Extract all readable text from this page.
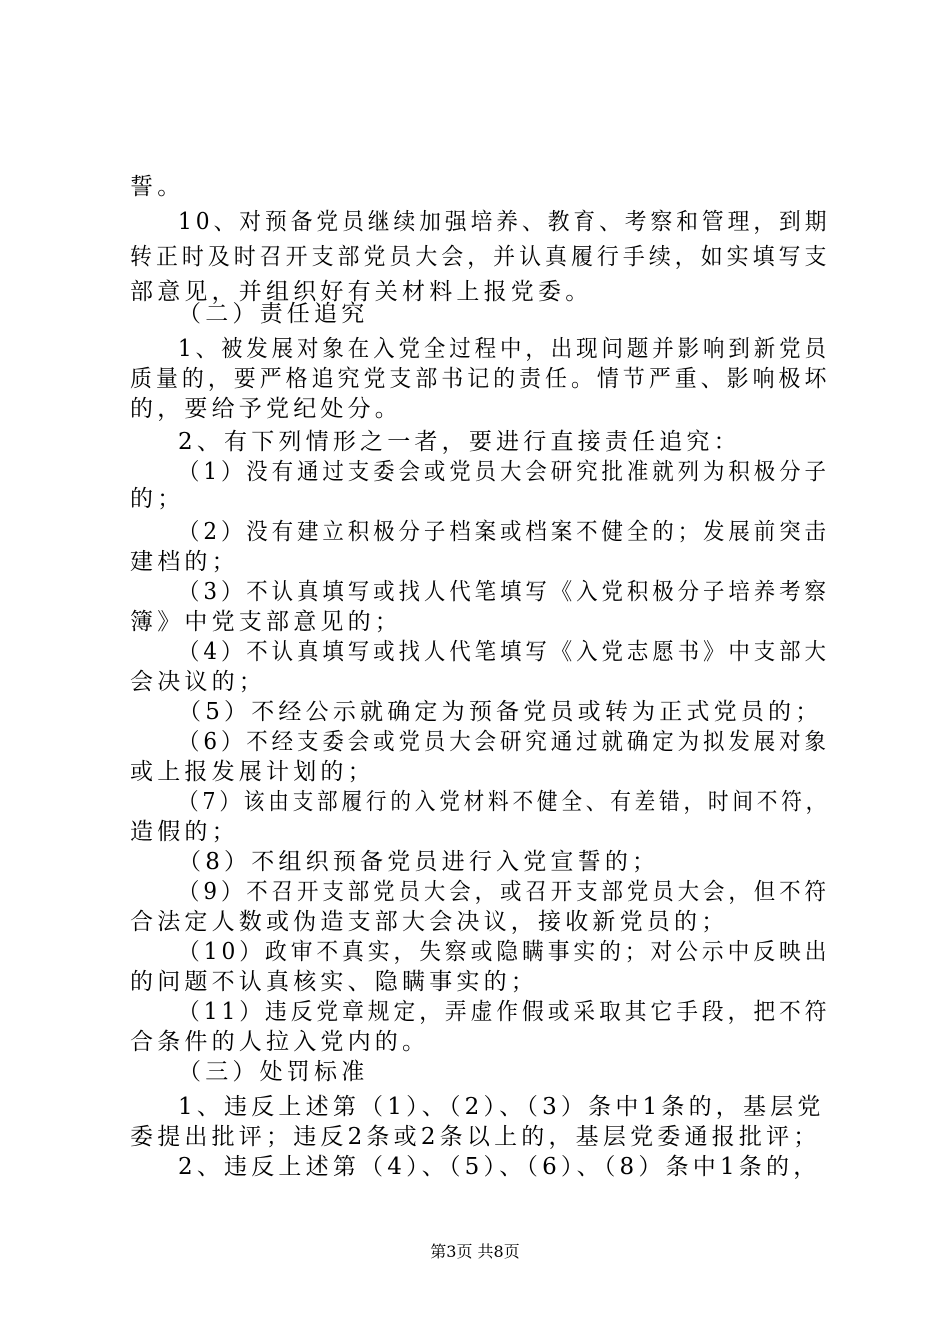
誓。
10、对预备党员继续加强培养、教育、考察和管理，到期
转正时及时召开支部党员大会，并认真履行手续，如实填写支
部意见，并组织好有关材料上报党委。
（二）责任追究
1、被发展对象在入党全过程中，出现问题并影响到新党员
质量的，要严格追究党支部书记的责任。情节严重、影响极坏
的，要给予党纪处分。
2、有下列情形之一者，要进行直接责任追究：
（1）没有通过支委会或党员大会研究批准就列为积极分子
的；
（2）没有建立积极分子档案或档案不健全的；发展前突击
建档的；
（3）不认真填写或找人代笔填写《入党积极分子培养考察
簿》中党支部意见的；
（4）不认真填写或找人代笔填写《入党志愿书》中支部大
会决议的；
（5）不经公示就确定为预备党员或转为正式党员的；
（6）不经支委会或党员大会研究通过就确定为拟发展对象
或上报发展计划的；
（7）该由支部履行的入党材料不健全、有差错，时间不符，
造假的；
（8）不组织预备党员进行入党宣誓的；
（9）不召开支部党员大会，或召开支部党员大会，但不符
合法定人数或伪造支部大会决议，接收新党员的；
（10）政审不真实，失察或隐瞒事实的；对公示中反映出
的问题不认真核实、隐瞒事实的；
（11）违反党章规定，弄虚作假或采取其它手段，把不符
合条件的人拉入党内的。
（三）处罚标准
1、违反上述第（1）、（2）、（3）条中1条的，基层党
委提出批评；违反2条或2条以上的，基层党委通报批评；
2、违反上述第（4）、（5）、（6）、（8）条中1条的，
第3页 共8页
